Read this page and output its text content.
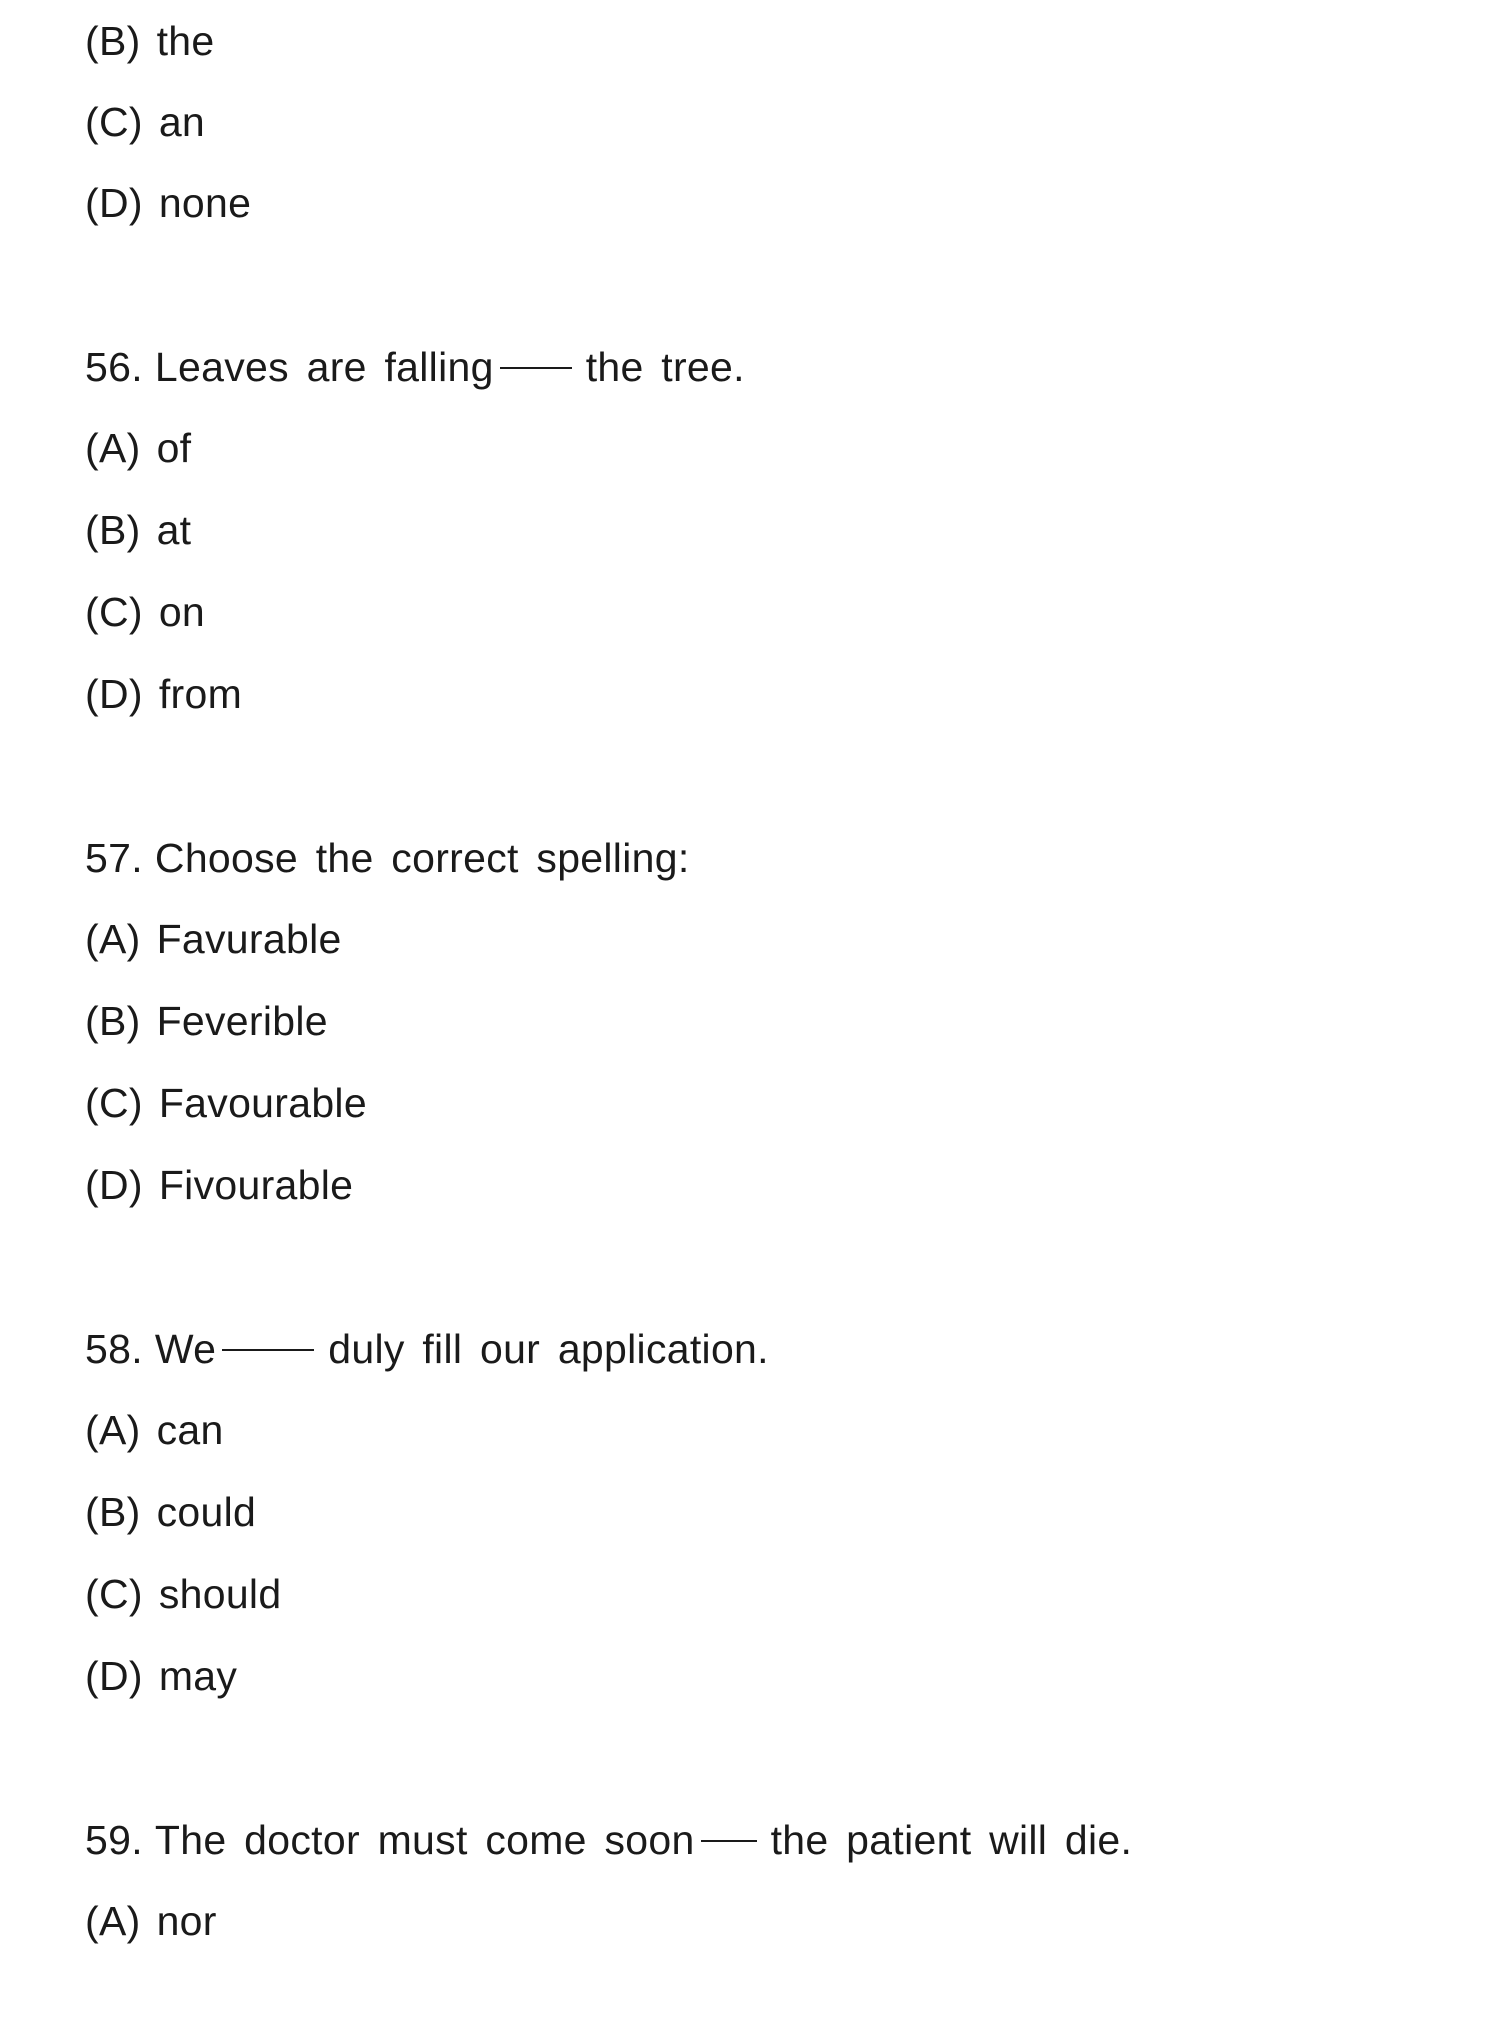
(B) the
(C) an
(D) none
56. Leaves are falling the tree.
(A) of
(B) at
(C) on
(D) from
57. Choose the correct spelling:
(A) Favurable
(B) Feverible
(C) Favourable
(D) Fivourable
58. We	duly fill our application.
(A) can
(B) could
(C) should
(D) may
59. The doctor must come soon the patient will die.
(A) nor
